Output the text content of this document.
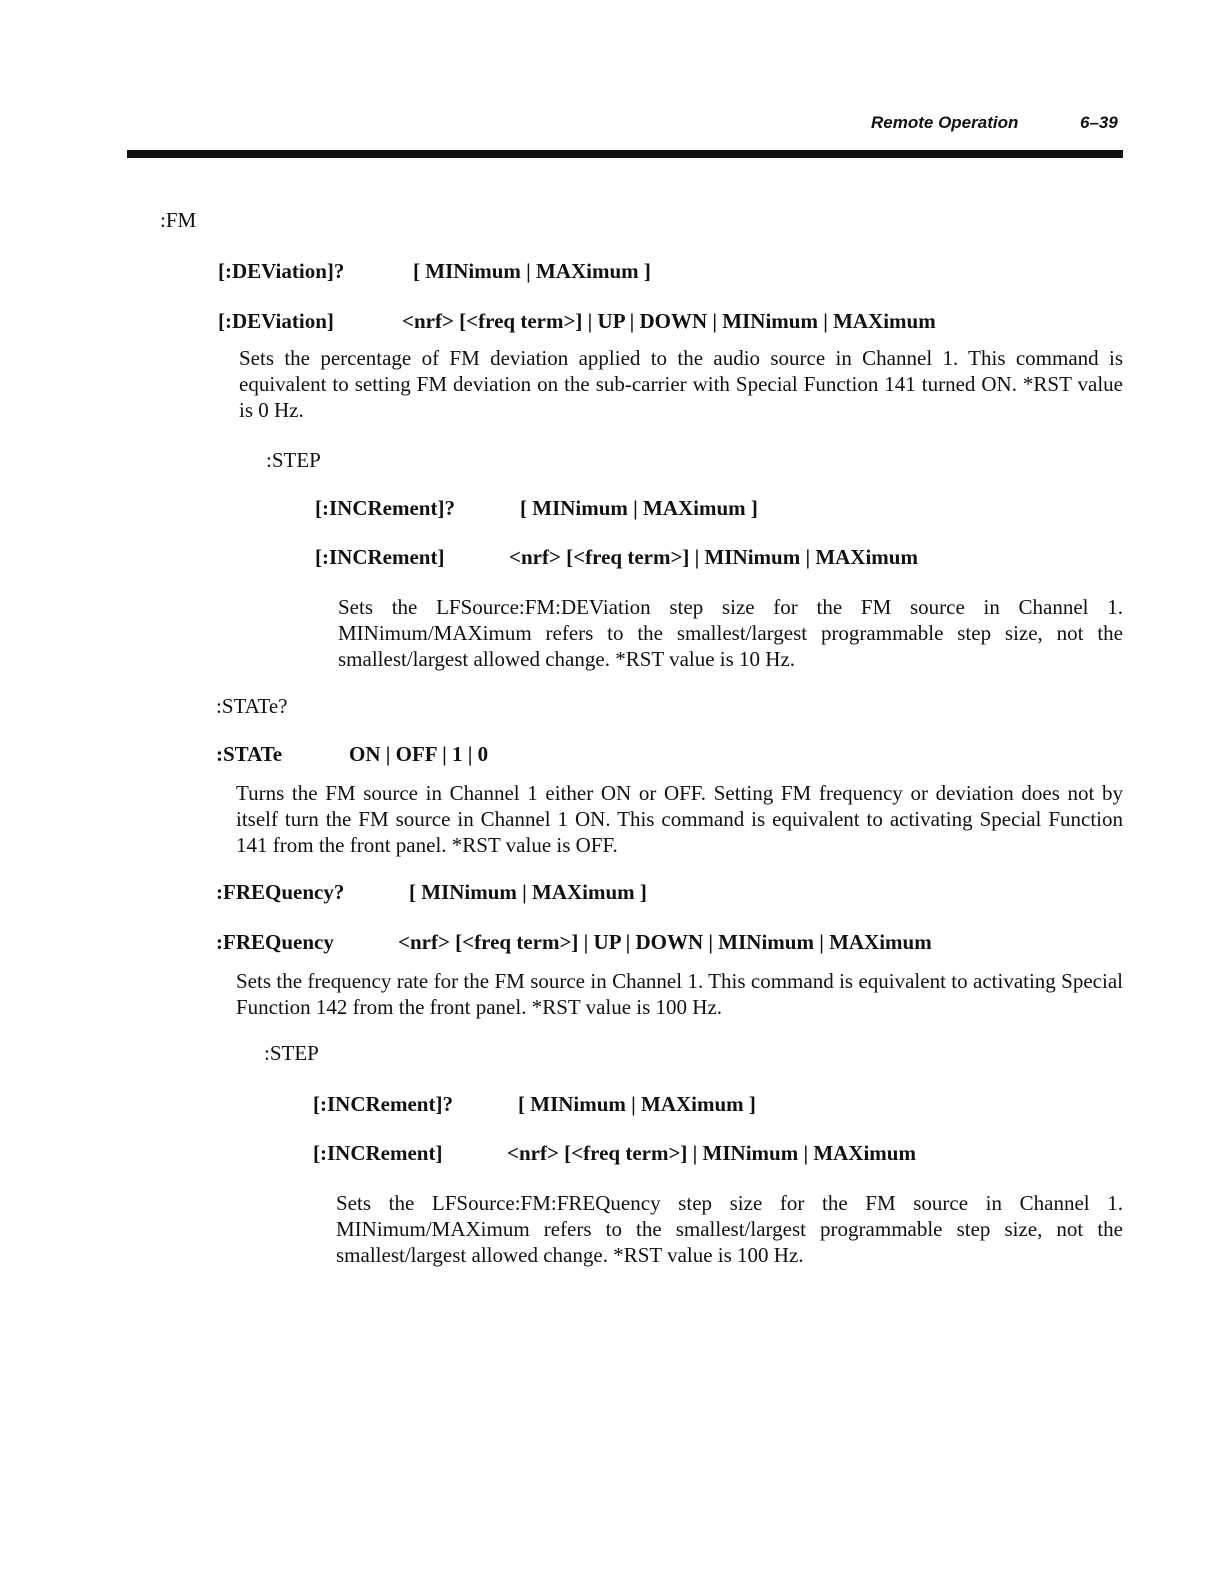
Remote Operation	6–39
:FM
[:DEViation]?	[ MINimum | MAXimum ]
[:DEViation]	<nrf> [<freq term>] | UP | DOWN | MINimum | MAXimum
Sets the percentage of FM deviation applied to the audio source in Channel 1. This command is equivalent to setting FM deviation on the sub-carrier with Special Function 141 turned ON. *RST value is 0 Hz.
:STEP
[:INCRement]?	[ MINimum | MAXimum ]
[:INCRement]	<nrf> [<freq term>] | MINimum | MAXimum
Sets the LFSource:FM:DEViation step size for the FM source in Channel 1. MINimum/MAXimum refers to the smallest/largest programmable step size, not the smallest/largest allowed change. *RST value is 10 Hz.
:STATe?
:STATe	ON | OFF | 1 | 0
Turns the FM source in Channel 1 either ON or OFF. Setting FM frequency or deviation does not by itself turn the FM source in Channel 1 ON. This command is equivalent to activating Special Function 141 from the front panel. *RST value is OFF.
:FREQuency?	[ MINimum | MAXimum ]
:FREQuency	<nrf> [<freq term>] | UP | DOWN | MINimum | MAXimum
Sets the frequency rate for the FM source in Channel 1. This command is equivalent to activating Special Function 142 from the front panel. *RST value is 100 Hz.
:STEP
[:INCRement]?	[ MINimum | MAXimum ]
[:INCRement]	<nrf> [<freq term>] | MINimum | MAXimum
Sets the LFSource:FM:FREQuency step size for the FM source in Channel 1. MINimum/MAXimum refers to the smallest/largest programmable step size, not the smallest/largest allowed change. *RST value is 100 Hz.
